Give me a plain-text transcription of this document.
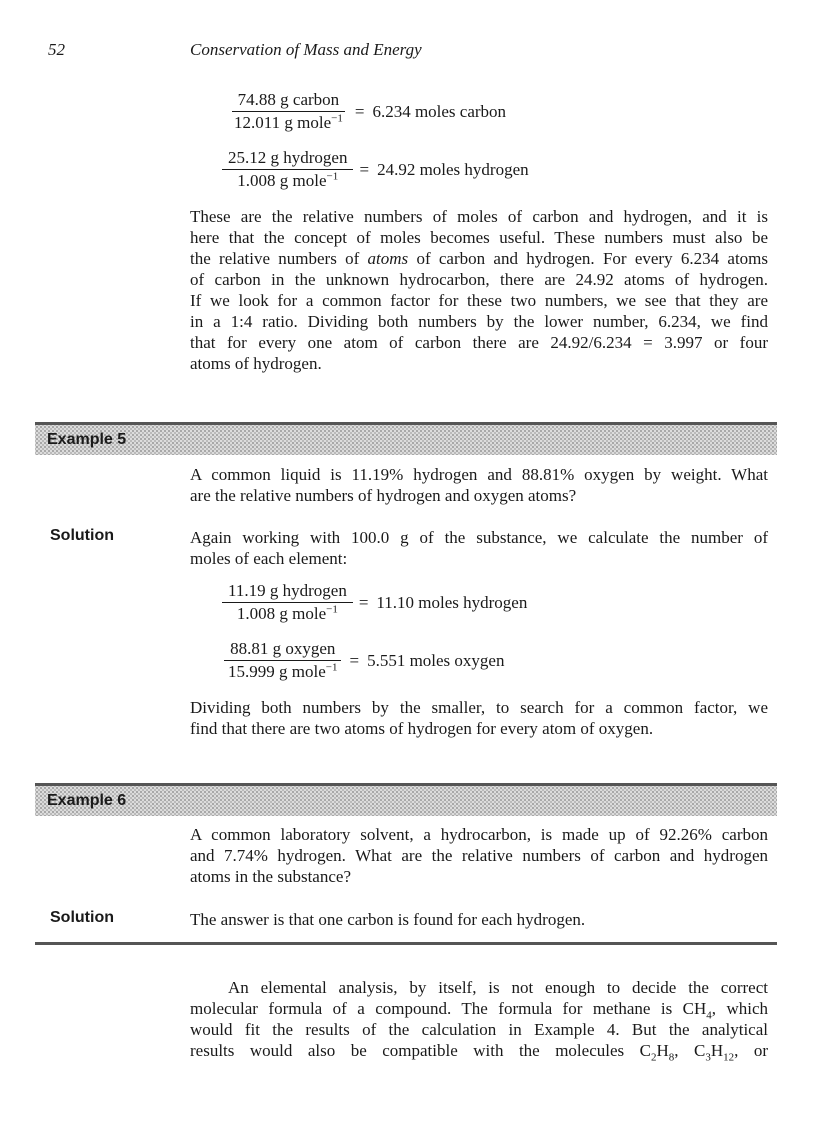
52	Conservation of Mass and Energy
$\frac{\text{74.88 g carbon}}{12.011 g mole^{-1}} = 6.234$ moles carbon
$\frac{\text{25.12 g hydrogen}}{1.008 g mole^{-1}} = 24.92$ moles hydrogen

These are the relative numbers of moles of carbon and hydrogen, and it is
here that the concept of moles becomes useful. These numbers must also be
the relative numbers of atoms of carbon and hydrogen. For every 6.234 atoms
of carbon in the unknown hydrocarbon, there are 24.92 atoms of hydrogen.
If we look for a common factor for these two numbers, we see that they are
in a 1:4 ratio. Dividing both numbers by the lower number, 6.234, we find
that for every one atom of carbon there are 24.92/6.234 = 3.997 or four
atoms of hydrogen.

Example 5

A common liquid is 11.19% hydrogen and 88.81% oxygen by weight. What
are the relative numbers of hydrogen and oxygen atoms?

Solution	Again working with 100.0 g of the substance, we calculate the number of
moles of each element:

$\frac{\text{11.19 g hydrogen}}{1.008 g mole^{-1}} = 11.10$ moles hydrogen
$\frac{\text{88.81 g oxygen}}{15.999 g mole^{-1}} = 5.551$ moles oxygen

Dividing both numbers by the smaller, to search for a common factor, we
find that there are two atoms of hydrogen for every atom of oxygen.

Example 6

A common laboratory solvent, a hydrocarbon, is made up of 92.26% carbon
and 7.74% hydrogen. What are the relative numbers of carbon and hydrogen
atoms in the substance?

Solution	The answer is that one carbon is found for each hydrogen.

An elemental analysis, by itself, is not enough to decide the correct
molecular formula of a compound. The formula for methane is $CH_4$, which
would fit the results of the calculation in Example 4. But the analytical
results would also be compatible with the molecules $C_2H_8$, $C_3H_{12}$, or
